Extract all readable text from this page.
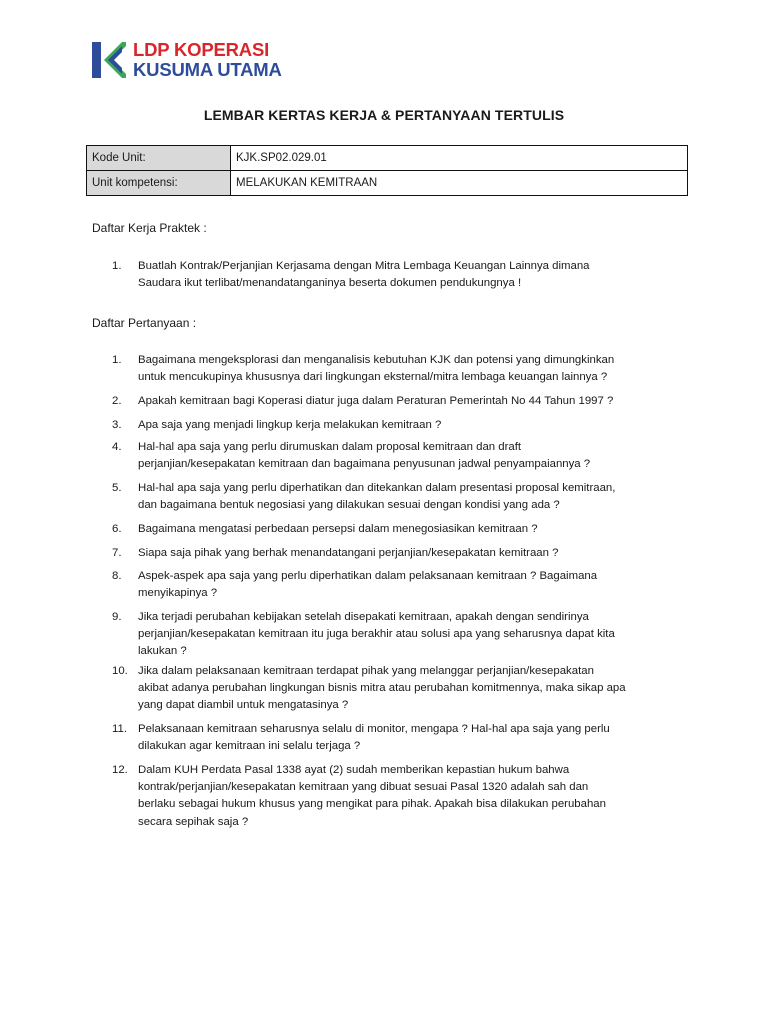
LDP KOPERASI
KUSUMA UTAMA
LEMBAR KERTAS KERJA & PERTANYAAN TERTULIS
Kode Unit:	KJK.SP02.029.01
Unit kompetensi:	MELAKUKAN KEMITRAAN
Daftar Kerja Praktek :
1. Buatlah Kontrak/Perjanjian Kerjasama dengan Mitra Lembaga Keuangan Lainnya dimana
Saudara ikut terlibat/menandatanganinya beserta dokumen pendukungnya !
Daftar Pertanyaan :
1. Bagaimana mengeksplorasi dan menganalisis kebutuhan KJK dan potensi yang dimungkinkan
untuk mencukupinya khususnya dari lingkungan eksternal/mitra lembaga keuangan lainnya ?
2. Apakah kemitraan bagi Koperasi diatur juga dalam Peraturan Pemerintah No 44 Tahun 1997 ?
3. Apa saja yang menjadi lingkup kerja melakukan kemitraan ?
4. Hal-hal apa saja yang perlu dirumuskan dalam proposal kemitraan dan draft
perjanjian/kesepakatan kemitraan dan bagaimana penyusunan jadwal penyampaiannya ?
5. Hal-hal apa saja yang perlu diperhatikan dan ditekankan dalam presentasi proposal kemitraan,
dan bagaimana bentuk negosiasi yang dilakukan sesuai dengan kondisi yang ada ?
6. Bagaimana mengatasi perbedaan persepsi dalam menegosiasikan kemitraan ?
7. Siapa saja pihak yang berhak menandatangani perjanjian/kesepakatan kemitraan ?
8. Aspek-aspek apa saja yang perlu diperhatikan dalam pelaksanaan kemitraan ? Bagaimana
menyikapinya ?
9. Jika terjadi perubahan kebijakan setelah disepakati kemitraan, apakah dengan sendirinya
perjanjian/kesepakatan kemitraan itu juga berakhir atau solusi apa yang seharusnya dapat kita
lakukan ?
10. Jika dalam pelaksanaan kemitraan terdapat pihak yang melanggar perjanjian/kesepakatan
akibat adanya perubahan lingkungan bisnis mitra atau perubahan komitmennya, maka sikap apa
yang dapat diambil untuk mengatasinya ?
11. Pelaksanaan kemitraan seharusnya selalu di monitor, mengapa ? Hal-hal apa saja yang perlu
dilakukan agar kemitraan ini selalu terjaga ?
12. Dalam KUH Perdata Pasal 1338 ayat (2) sudah memberikan kepastian hukum bahwa
kontrak/perjanjian/kesepakatan kemitraan yang dibuat sesuai Pasal 1320 adalah sah dan
berlaku sebagai hukum khusus yang mengikat para pihak. Apakah bisa dilakukan perubahan
secara sepihak saja ?
